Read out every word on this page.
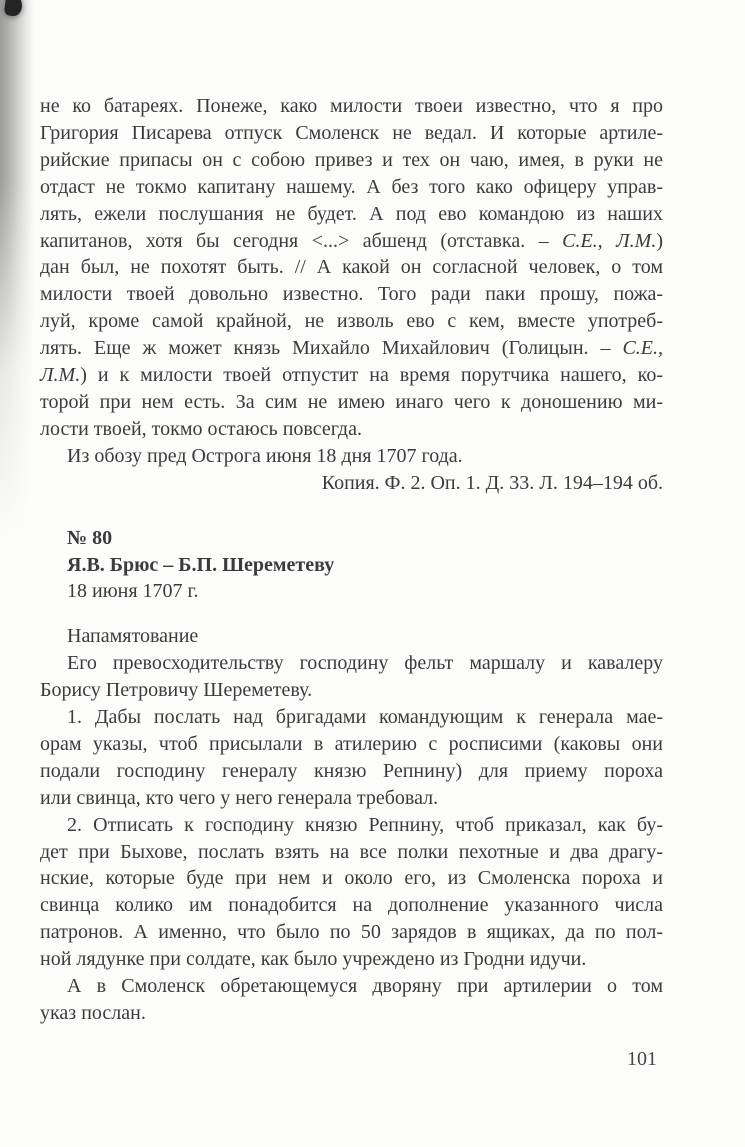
не ко батареях. Понеже, како милости твоеи известно, что я про
Григория Писарева отпуск Смоленск не ведал. И которые артиле-
рийские припасы он с собою привез и тех он чаю, имея, в руки не
отдаст не токмо капитану нашему. А без того како офицеру управ-
лять, ежели послушания не будет. А под ево командою из наших
капитанов, хотя бы сегодня <...> абшенд (отставка. – С.Е., Л.М.)
дан был, не похотят быть. // А какой он согласной человек, о том
милости твоей довольно известно. Того ради паки прошу, пожа-
луй, кроме самой крайной, не изволь ево с кем, вместе употреб-
лять. Еще ж может князь Михайло Михайлович (Голицын. – С.Е.,
Л.М.) и к милости твоей отпустит на время порутчика нашего, ко-
торой при нем есть. За сим не имею инаго чего к доношению ми-
лости твоей, токмо остаюсь повсегда.
Из обозу пред Острога июня 18 дня 1707 года.
Копия. Ф. 2. Оп. 1. Д. 33. Л. 194–194 об.
№ 80
Я.В. Брюс – Б.П. Шереметеву
18 июня 1707 г.
Напамятование
Его превосходительству господину фельт маршалу и кавалеру
Борису Петровичу Шереметеву.
1. Дабы послать над бригадами командующим к генерала мае-
орам указы, чтоб присылали в атилерию с росписими (каковы они
подали господину генералу князю Репнину) для приему пороха
или свинца, кто чего у него генерала требовал.
2. Отписать к господину князю Репнину, чтоб приказал, как бу-
дет при Быхове, послать взять на все полки пехотные и два драгу-
нские, которые буде при нем и около его, из Смоленска пороха и
свинца колико им понадобится на дополнение указанного числа
патронов. А именно, что было по 50 зарядов в ящиках, да по пол-
ной лядунке при солдате, как было учреждено из Гродни идучи.
А в Смоленск обретающемуся дворяну при артилерии о том
указ послан.
101
